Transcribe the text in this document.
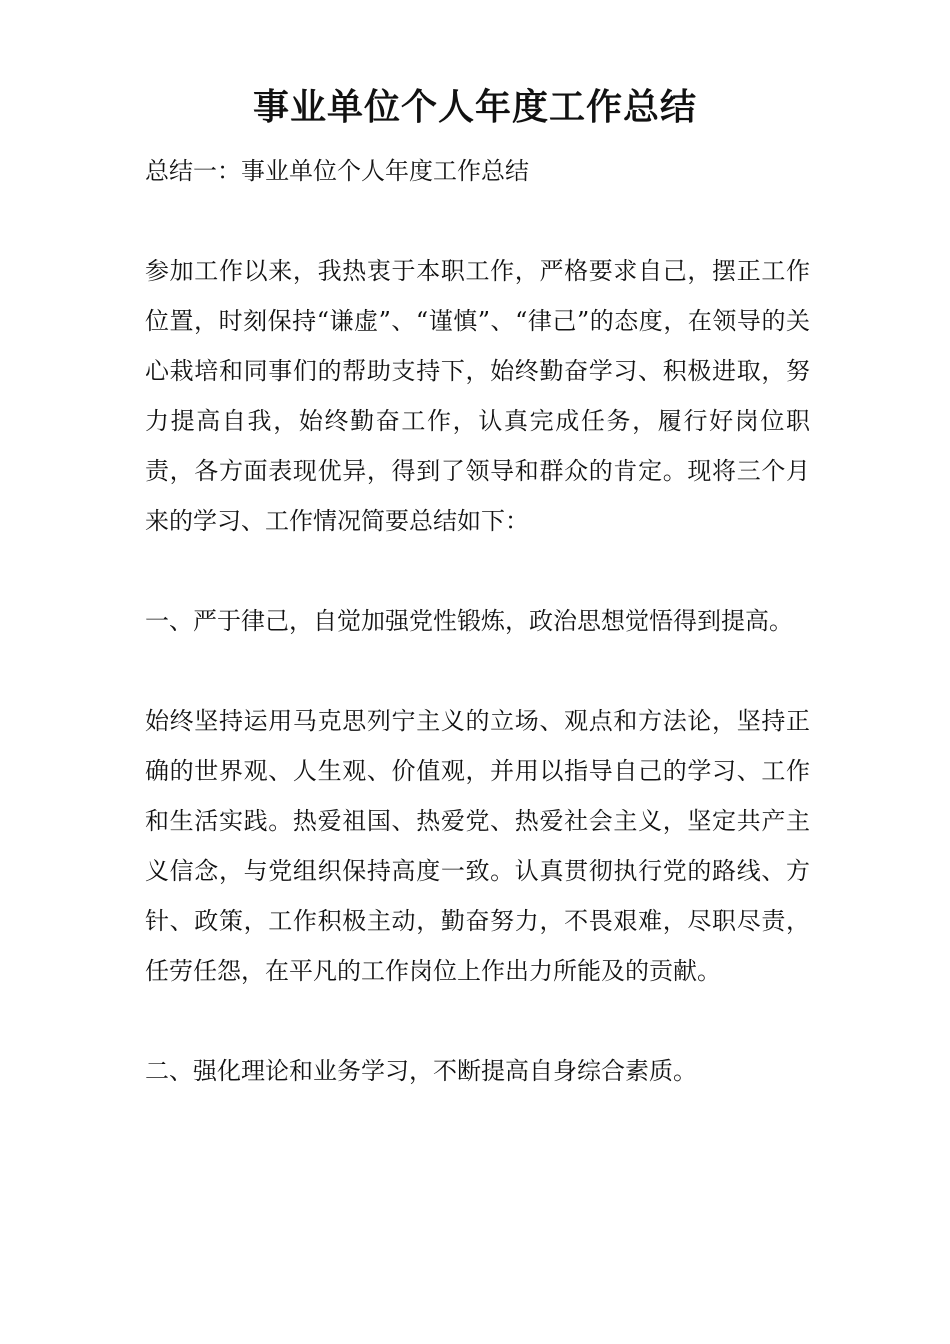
事业单位个人年度工作总结

总结一：事业单位个人年度工作总结

参加工作以来，我热衷于本职工作，严格要求自己，摆正工作位置，时刻保持“谦虚”、“谨慎”、“律己”的态度，在领导的关心栽培和同事们的帮助支持下，始终勤奋学习、积极进取，努力提高自我，始终勤奋工作，认真完成任务，履行好岗位职责，各方面表现优异，得到了领导和群众的肯定。现将三个月来的学习、工作情况简要总结如下：

一、严于律己，自觉加强党性锻炼，政治思想觉悟得到提高。

始终坚持运用马克思列宁主义的立场、观点和方法论，坚持正确的世界观、人生观、价值观，并用以指导自己的学习、工作和生活实践。热爱祖国、热爱党、热爱社会主义，坚定共产主义信念，与党组织保持高度一致。认真贯彻执行党的路线、方针、政策，工作积极主动，勤奋努力，不畏艰难，尽职尽责，任劳任怨，在平凡的工作岗位上作出力所能及的贡献。

二、强化理论和业务学习，不断提高自身综合素质。
